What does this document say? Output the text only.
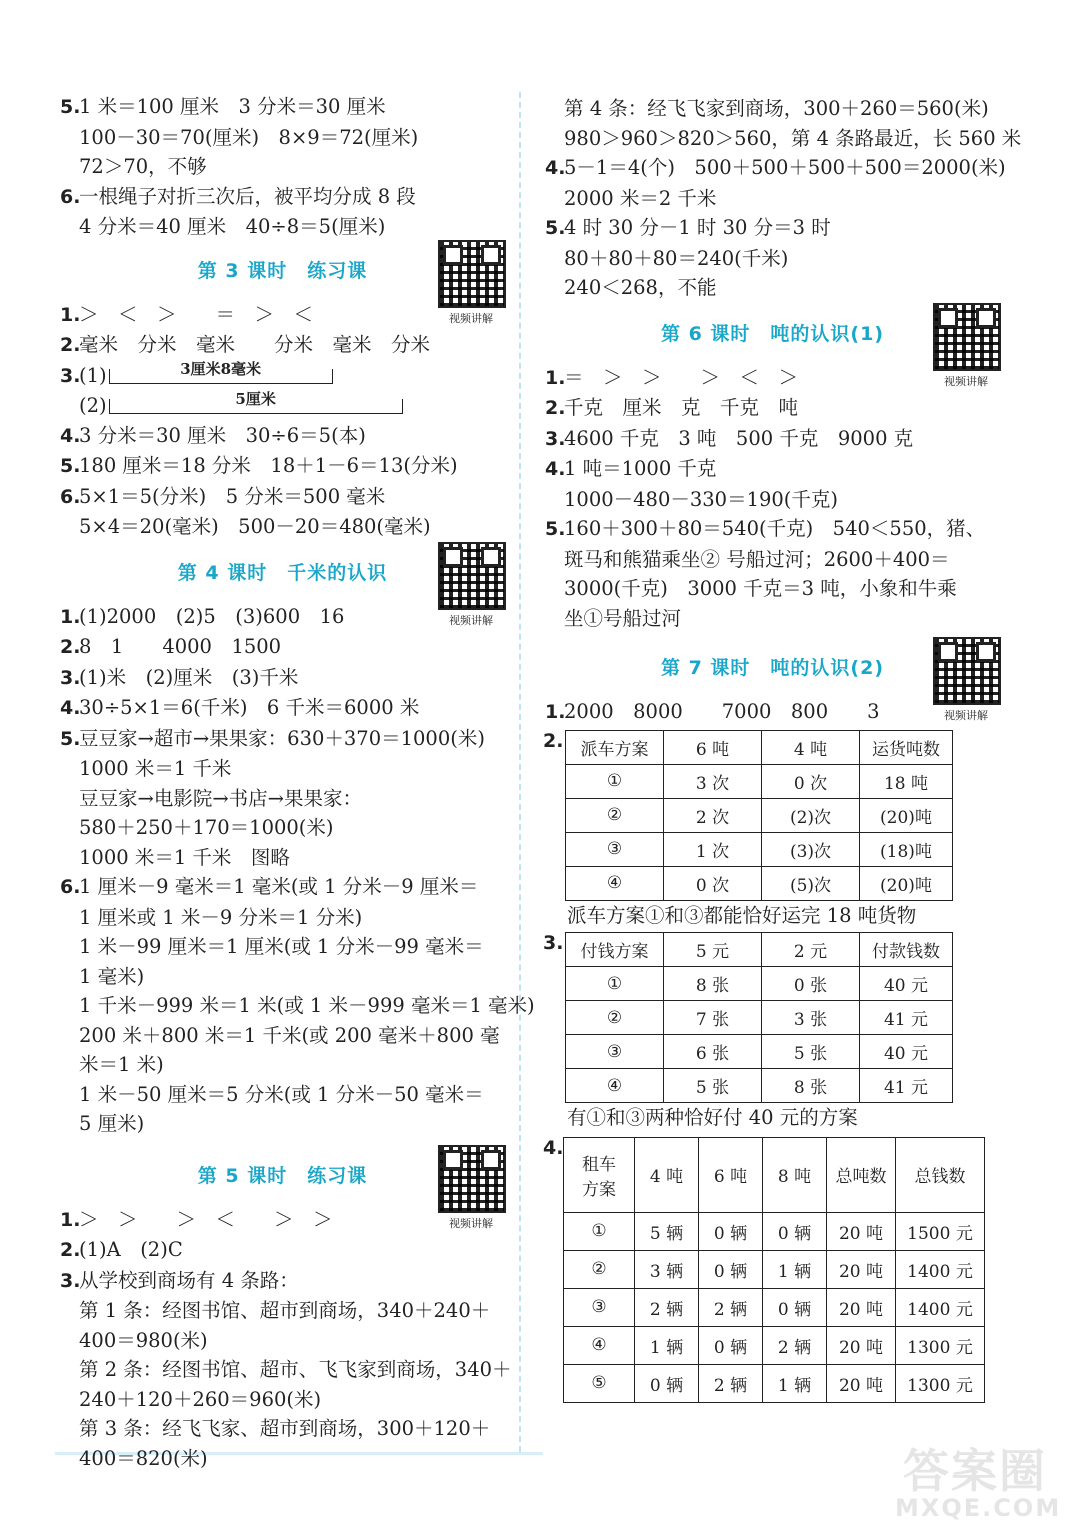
5.1 米＝100 厘米　3 分米＝30 厘米
100－30＝70(厘米)　8×9＝72(厘米)
72＞70，不够
6.一根绳子对折三次后，被平均分成 8 段
4 分米＝40 厘米　40÷8＝5(厘米)
第 3 课时　练习课
视频讲解
1.＞　＜　＞　　＝　＞　＜
2.毫米　分米　毫米　　分米　毫米　分米
3.(1)	3厘米8毫米
(2)	5厘米
4.3 分米＝30 厘米　30÷6＝5(本)
5.180 厘米＝18 分米　18＋1－6＝13(分米)
6.5×1＝5(分米)　5 分米＝500 毫米
5×4＝20(毫米)　500－20＝480(毫米)
第 4 课时　千米的认识
视频讲解
1.(1)2000　(2)5　(3)600　16
2.8　1　　4000　1500
3.(1)米　(2)厘米　(3)千米
4.30÷5×1＝6(千米)　6 千米＝6000 米
5.豆豆家→超市→果果家：630＋370＝1000(米)
1000 米＝1 千米
豆豆家→电影院→书店→果果家：
580＋250＋170＝1000(米)
1000 米＝1 千米　图略
6.1 厘米－9 毫米＝1 毫米(或 1 分米－9 厘米＝
1 厘米或 1 米－9 分米＝1 分米)
1 米－99 厘米＝1 厘米(或 1 分米－99 毫米＝
1 毫米)
1 千米－999 米＝1 米(或 1 米－999 毫米＝1 毫米)
200 米＋800 米＝1 千米(或 200 毫米＋800 毫
米＝1 米)
1 米－50 厘米＝5 分米(或 1 分米－50 毫米＝
5 厘米)
第 5 课时　练习课
视频讲解
1.＞　＞　　＞　＜　　＞　＞
2.(1)A　(2)C
3.从学校到商场有 4 条路：
第 1 条：经图书馆、超市到商场，340＋240＋
400＝980(米)
第 2 条：经图书馆、超市、飞飞家到商场，340＋
240＋120＋260＝960(米)
第 3 条：经飞飞家、超市到商场，300＋120＋
400＝820(米)
第 4 条：经飞飞家到商场，300＋260＝560(米)
980＞960＞820＞560，第 4 条路最近，长 560 米
4.5－1＝4(个)　500＋500＋500＋500＝2000(米)
2000 米＝2 千米
5.4 时 30 分－1 时 30 分＝3 时
80＋80＋80＝240(千米)
240＜268，不能
第 6 课时　吨的认识(1)
视频讲解
1.＝　＞　＞　　＞　＜　＞
2.千克　厘米　克　千克　吨
3.4600 千克　3 吨　500 千克　9000 克
4.1 吨＝1000 千克
1000－480－330＝190(千克)
5.160＋300＋80＝540(千克)　540＜550，猪、
斑马和熊猫乘坐② 号船过河；2600＋400＝
3000(千克)　3000 千克＝3 吨，小象和牛乘
坐①号船过河
第 7 课时　吨的认识(2)
视频讲解
1.2000　8000　　7000　800　　3
2. 派车方案	6 吨	4 吨	运货吨数
①	3 次	0 次	18 吨
②	2 次	(2)次	(20)吨
③	1 次	(3)次	(18)吨
④	0 次	(5)次	(20)吨
派车方案①和③都能恰好运完 18 吨货物
3. 付钱方案	5 元	2 元	付款钱数
①	8 张	0 张	40 元
②	7 张	3 张	41 元
③	6 张	5 张	40 元
④	5 张	8 张	41 元
有①和③两种恰好付 40 元的方案
4.
租车
方案	4 吨	6 吨	8 吨	总吨数	总钱数
①	5 辆	0 辆	0 辆	20 吨	1500 元
②	3 辆	0 辆	1 辆	20 吨	1400 元
③	2 辆	2 辆	0 辆	20 吨	1400 元
④	1 辆	0 辆	2 辆	20 吨	1300 元
⑤	0 辆	2 辆	1 辆	20 吨	1300 元
答案圈
MXQE.COM
